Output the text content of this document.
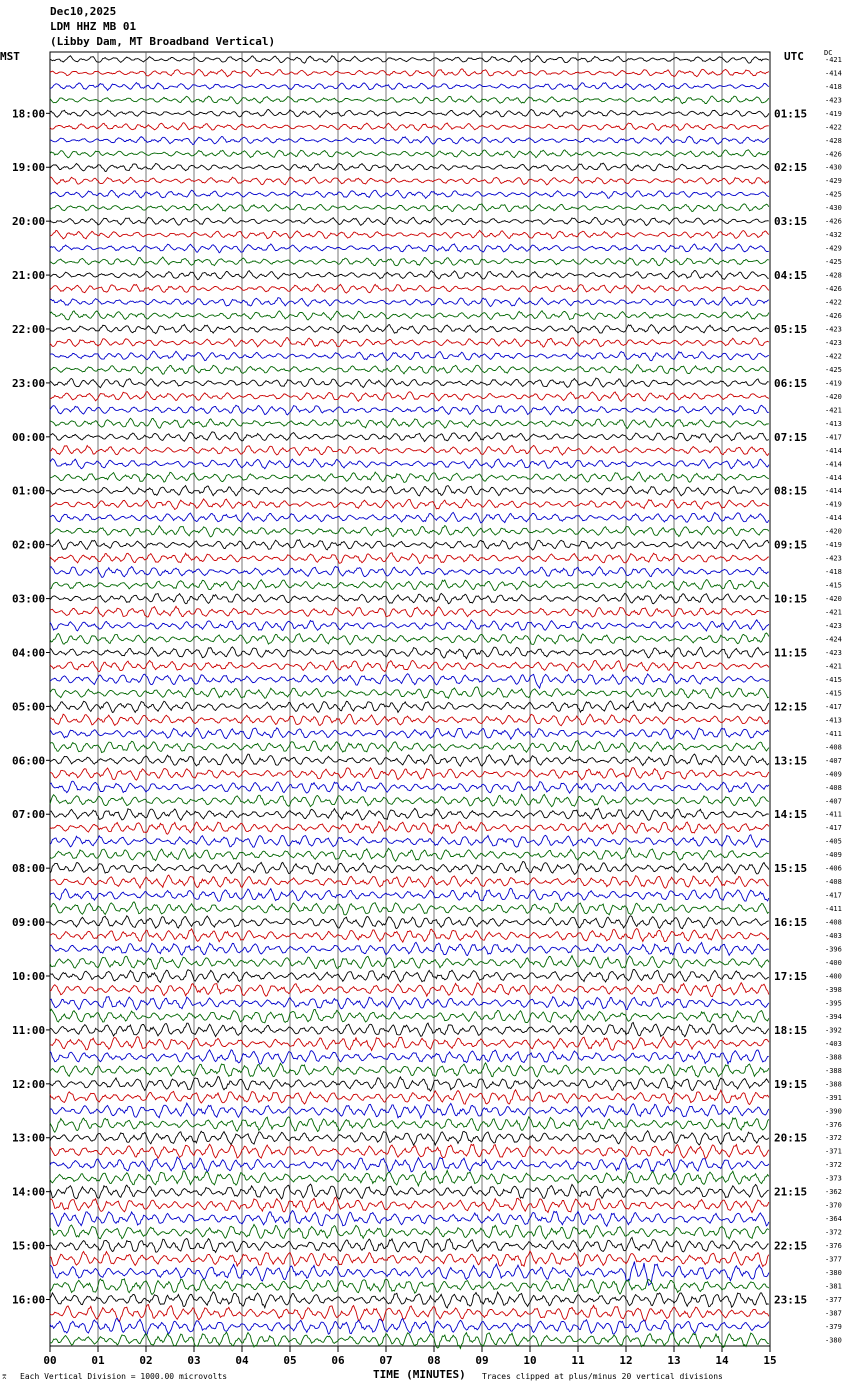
Dec10,2025
LDM HHZ MB 01
(Libby Dam, MT Broadband Vertical)
MST	UTC	DC
00	01	02	03	04	05	06	07	08	09	10	11	12	13	14	15
-421
-414
-418
-423
-419
-422
-428
-426
-430
-429
-425
-430
-426
-432
-429
-425
-428
-426
-422
-426
-423
-423
-422
-425
-419
-420
-421
-413
-417
-414
-414
-414
-414
-419
-414
-420
-419
-423
-418
-415
-420
-421
-423
-424
-423
-421
-415
-415
-417
-413
-411
-408
-407
-409
-408
-407
-411
-417
-405
-409
-406
-408
-417
-411
-408
-403
-396
-400
-400
-398
-395
-394
-392
-403
-388
-388
-388
-391
-390
-376
-372
-371
-372
-373
-362
-370
-364
-372
-376
-377
-380
-381
-377
-387
-379
-380
18:00
19:00
20:00
21:00
22:00
23:00
00:00
01:00
02:00
03:00
04:00
05:00
06:00
07:00
08:00
09:00
10:00
11:00
12:00
13:00
14:00
15:00
16:00
01:15
02:15
03:15
04:15
05:15
06:15
07:15
08:15
09:15
10:15
11:15
12:15
13:15
14:15
15:15
16:15
17:15
18:15
19:15
20:15
21:15
22:15
23:15
⌆ Each Vertical Division = 1000.00 microvolts	TIME (MINUTES) Traces clipped at plus/minus 20 vertical divisions
